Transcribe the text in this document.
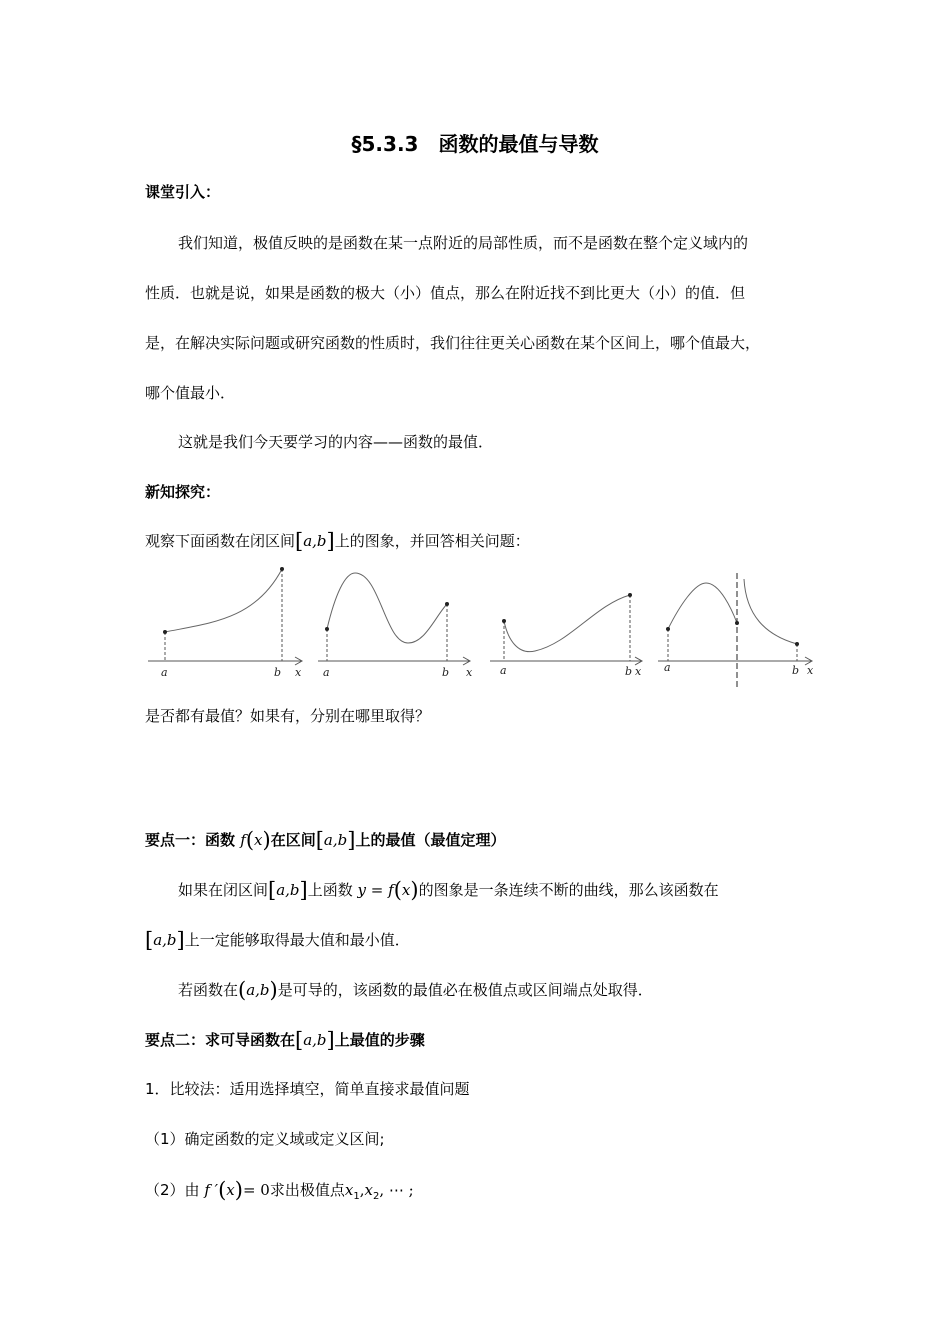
§5.3.3　函数的最值与导数
课堂引入：
我们知道，极值反映的是函数在某一点附近的局部性质，而不是函数在整个定义域内的
性质．也就是说，如果是函数的极大（小）值点，那么在附近找不到比更大（小）的值．但
是，在解决实际问题或研究函数的性质时，我们往往更关心函数在某个区间上，哪个值最大，
哪个值最小．
这就是我们今天要学习的内容——函数的最值．
新知探究：
观察下面函数在闭区间[a,b]上的图象，并回答相关问题：
a	b x a	b x	a	b x a	b x
是否都有最值？如果有，分别在哪里取得？
要点一：函数 f(x)在区间[a,b]上的最值（最值定理）
如果在闭区间[a,b]上函数 y = f(x)的图象是一条连续不断的曲线，那么该函数在
[a,b]上一定能够取得最大值和最小值．
若函数在(a,b)是可导的，该函数的最值必在极值点或区间端点处取得．
要点二：求可导函数在[a,b]上最值的步骤
1．比较法：适用选择填空，简单直接求最值问题
（1）确定函数的定义域或定义区间;
（2）由 f ′(x)= 0求出极值点$x_1,x_2$, ⋯ ;
